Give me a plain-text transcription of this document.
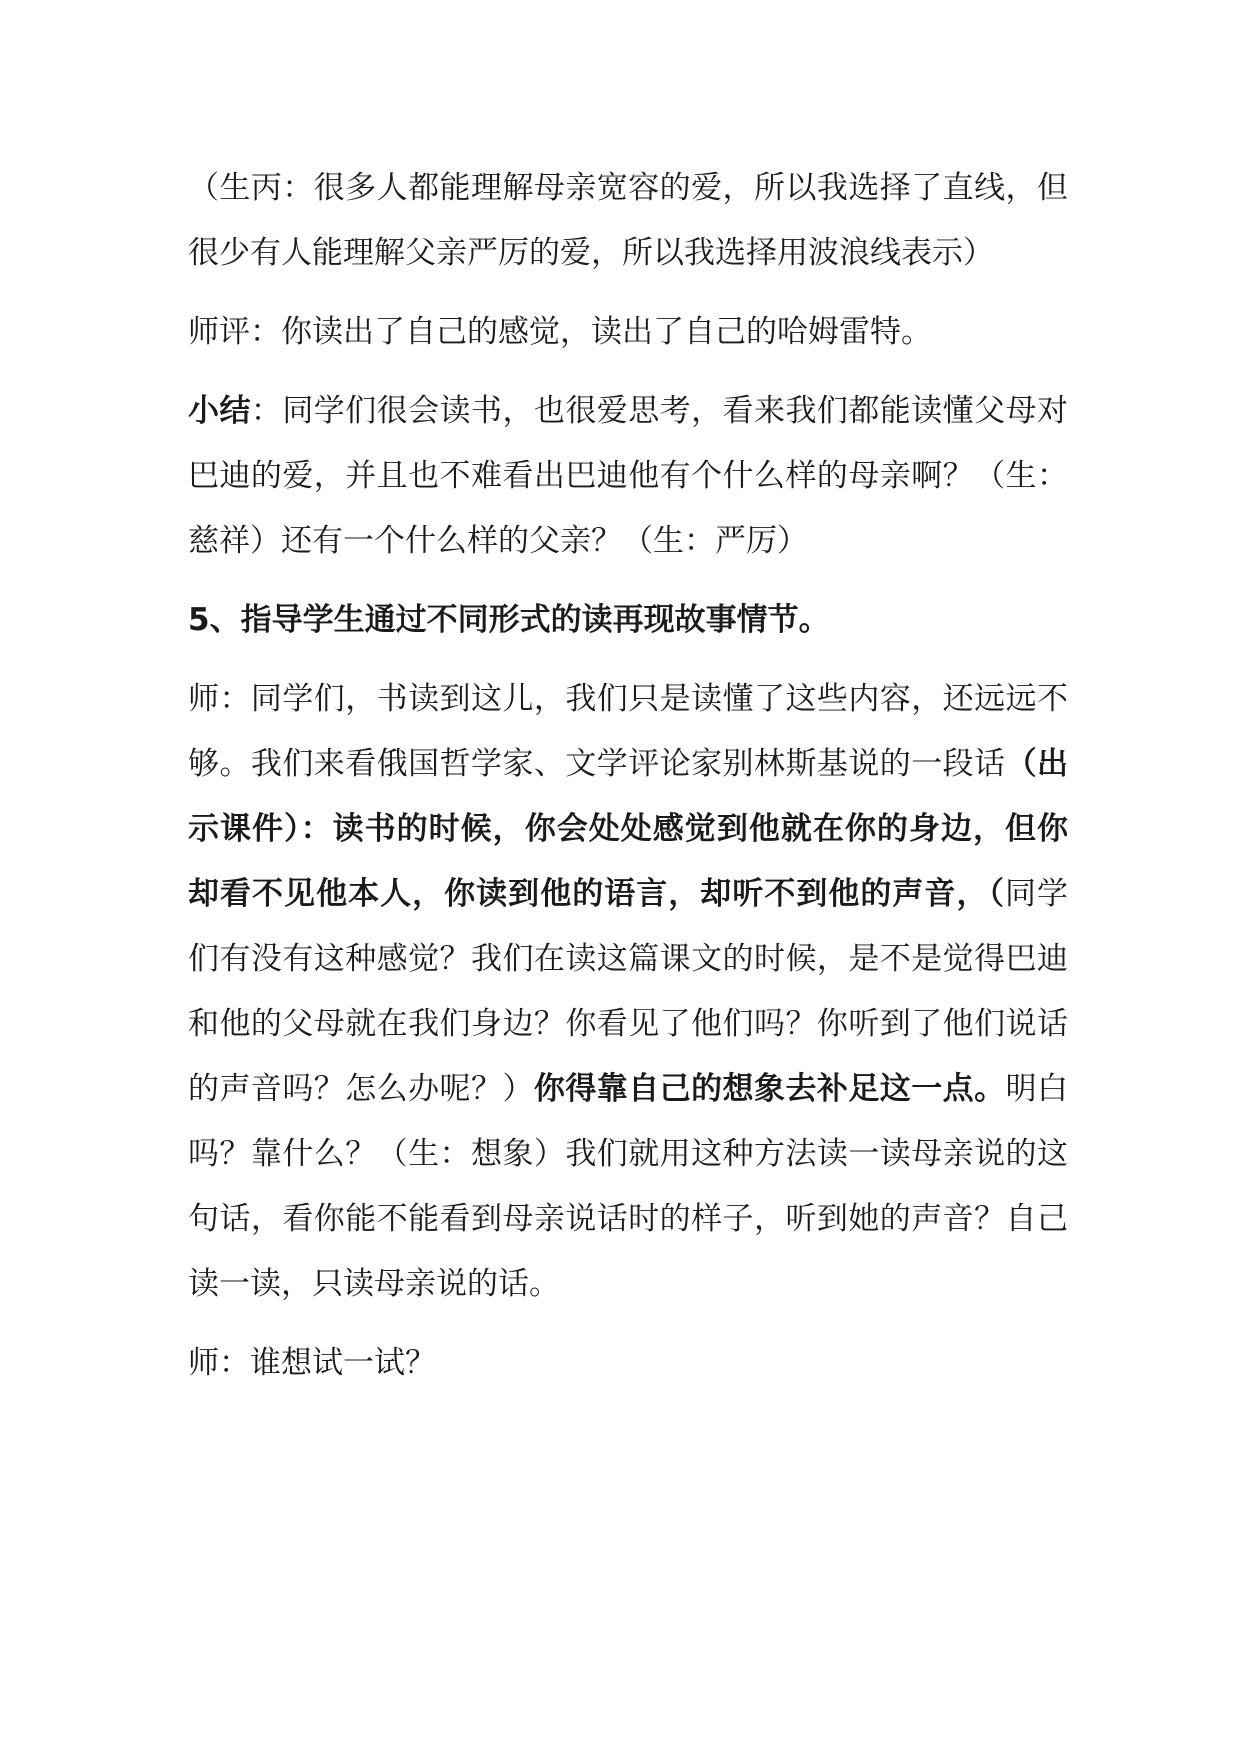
（生丙：很多人都能理解母亲宽容的爱，所以我选择了直线，但很少有人能理解父亲严厉的爱，所以我选择用波浪线表示）

师评：你读出了自己的感觉，读出了自己的哈姆雷特。

小结：同学们很会读书，也很爱思考，看来我们都能读懂父母对巴迪的爱，并且也不难看出巴迪他有个什么样的母亲啊？（生：慈祥）还有一个什么样的父亲？（生：严厉）

5、指导学生通过不同形式的读再现故事情节。

师：同学们，书读到这儿，我们只是读懂了这些内容，还远远不够。我们来看俄国哲学家、文学评论家别林斯基说的一段话（出示课件）：读书的时候，你会处处感觉到他就在你的身边，但你却看不见他本人，你读到他的语言，却听不到他的声音，（同学们有没有这种感觉？我们在读这篇课文的时候，是不是觉得巴迪和他的父母就在我们身边？你看见了他们吗？你听到了他们说话的声音吗？怎么办呢？）你得靠自己的想象去补足这一点。明白吗？靠什么？（生：想象）我们就用这种方法读一读母亲说的这句话，看你能不能看到母亲说话时的样子，听到她的声音？自己读一读，只读母亲说的话。

师：谁想试一试？
